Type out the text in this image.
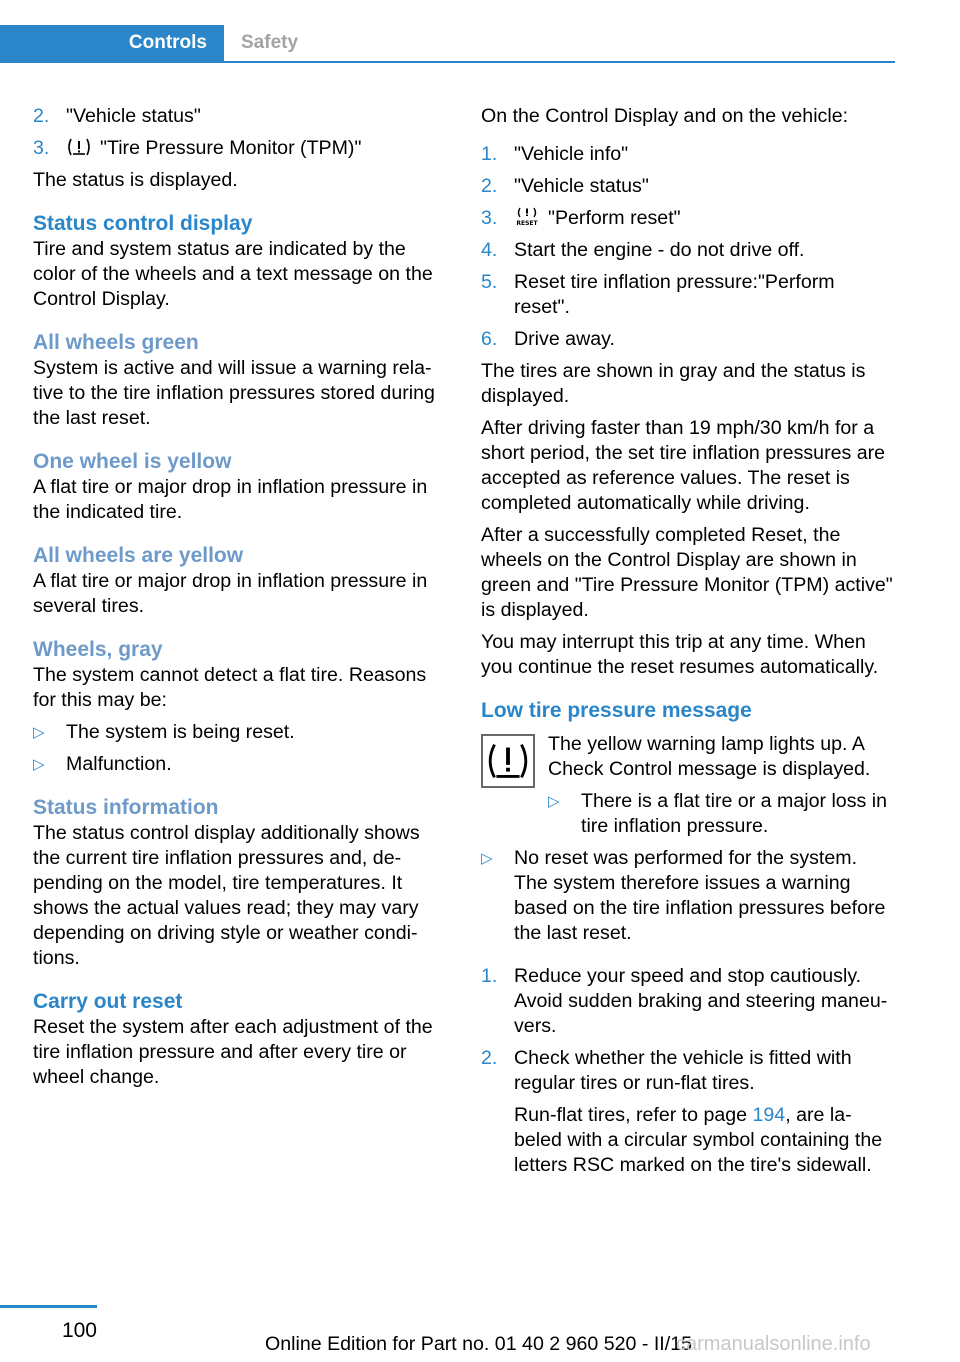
Controls	Safety
2. "Vehicle status"
3.	"Tire Pressure Monitor (TPM)"

The status is displayed.

Status control display

Tire and system status are indicated by the color of the wheels and a text message on the Control Display.

All wheels green

System is active and will issue a warning rela-tive to the tire inflation pressures stored during the last reset.

One wheel is yellow

A flat tire or major drop in inflation pressure in the indicated tire.

All wheels are yellow

A flat tire or major drop in inflation pressure in several tires.

Wheels, gray

The system cannot detect a flat tire. Reasons for this may be:

▷	The system is being reset.
▷	Malfunction.
Status information

The status control display additionally shows the current tire inflation pressures and, de-pending on the model, tire temperatures. It shows the actual values read; they may vary depending on driving style or weather condi-tions.

Carry out reset

Reset the system after each adjustment of the tire inflation pressure and after every tire or wheel change.

On the Control Display and on the vehicle:

1. "Vehicle info"
2. "Vehicle status"
3.	RESET "Perform reset"
4. Start the engine - do not drive off.
5. Reset tire inflation pressure:"Perform reset".
6. Drive away.

The tires are shown in gray and the status is displayed.

After driving faster than 19 mph/30 km/h for a short period, the set tire inflation pressures are accepted as reference values. The reset is completed automatically while driving.

After a successfully completed Reset, the wheels on the Control Display are shown in green and "Tire Pressure Monitor (TPM) active" is displayed.

You may interrupt this trip at any time. When you continue the reset resumes automatically.

Low tire pressure message

The yellow warning lamp lights up. A Check Control message is displayed.

▷	There is a flat tire or a major loss in tire inflation pressure.
▷	No reset was performed for the system. The system therefore issues a warning based on the tire inflation pressures before the last reset.
1. Reduce your speed and stop cautiously. Avoid sudden braking and steering maneu-vers.
2. Check whether the vehicle is fitted with regular tires or run-flat tires.

Run-flat tires, refer to page 194, are la-beled with a circular symbol containing the letters RSC marked on the tire's sidewall.

100
Online Edition for Part no. 01 40 2 960 520 - II/15
carmanualsonline.info
